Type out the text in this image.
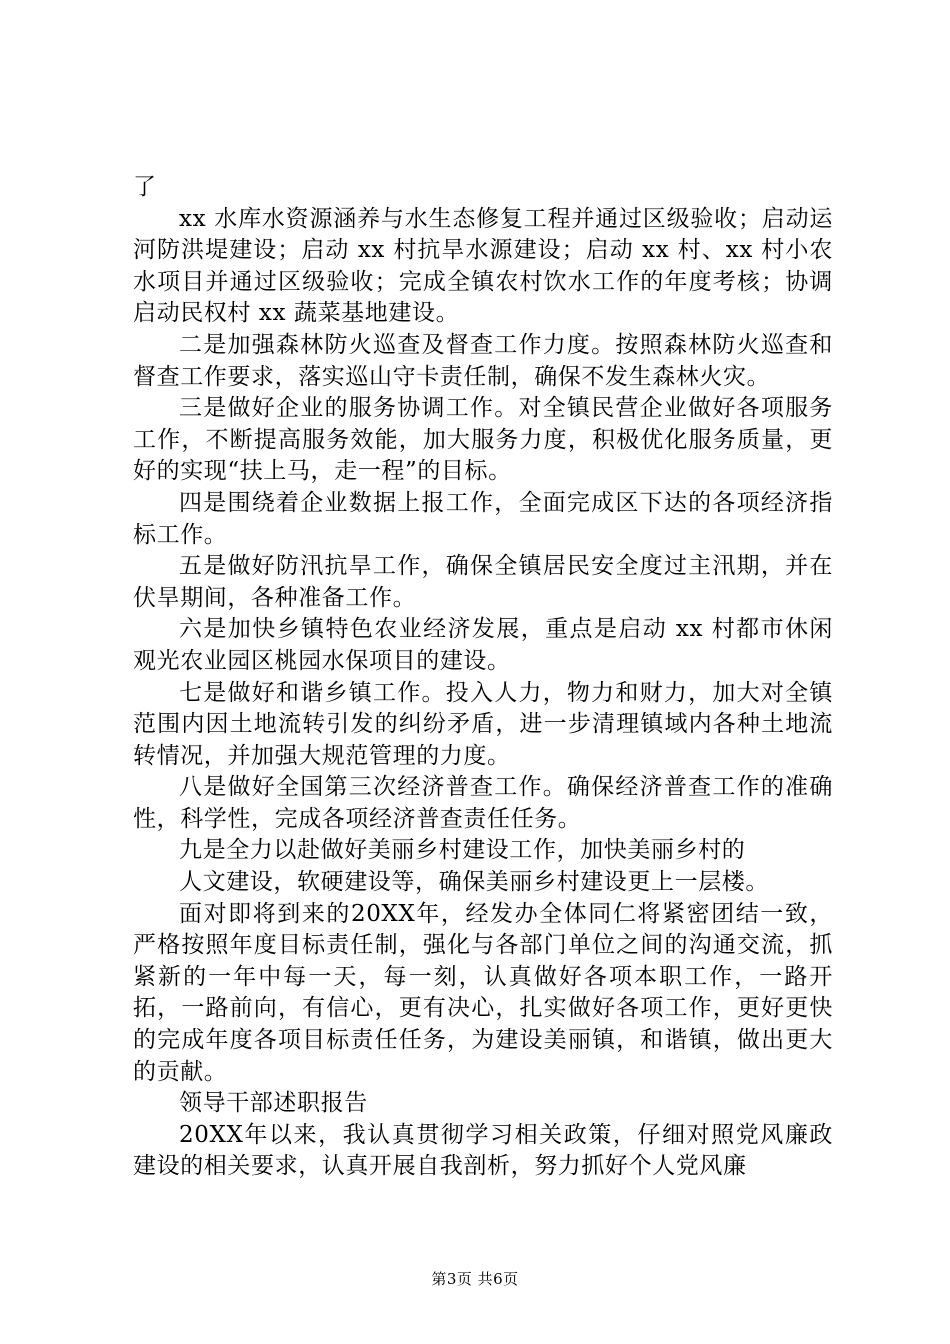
了

xx 水库水资源涵养与水生态修复工程并通过区级验收；启动运河防洪堤建设；启动 xx 村抗旱水源建设；启动 xx 村、xx 村小农水项目并通过区级验收；完成全镇农村饮水工作的年度考核；协调启动民权村 xx 蔬菜基地建设。

二是加强森林防火巡查及督查工作力度。按照森林防火巡查和督查工作要求，落实巡山守卡责任制，确保不发生森林火灾。

三是做好企业的服务协调工作。对全镇民营企业做好各项服务工作，不断提高服务效能，加大服务力度，积极优化服务质量，更好的实现“扶上马，走一程”的目标。

四是围绕着企业数据上报工作，全面完成区下达的各项经济指标工作。

五是做好防汛抗旱工作，确保全镇居民安全度过主汛期，并在伏旱期间，各种准备工作。

六是加快乡镇特色农业经济发展，重点是启动 xx 村都市休闲观光农业园区桃园水保项目的建设。

七是做好和谐乡镇工作。投入人力，物力和财力，加大对全镇范围内因土地流转引发的纠纷矛盾，进一步清理镇域内各种土地流转情况，并加强大规范管理的力度。

八是做好全国第三次经济普查工作。确保经济普查工作的准确性，科学性，完成各项经济普查责任任务。

九是全力以赴做好美丽乡村建设工作，加快美丽乡村的

人文建设，软硬建设等，确保美丽乡村建设更上一层楼。

面对即将到来的20XX年，经发办全体同仁将紧密团结一致，严格按照年度目标责任制，强化与各部门单位之间的沟通交流，抓紧新的一年中每一天，每一刻，认真做好各项本职工作，一路开拓，一路前向，有信心，更有决心，扎实做好各项工作，更好更快的完成年度各项目标责任任务，为建设美丽镇，和谐镇，做出更大的贡献。

领导干部述职报告

20XX年以来，我认真贯彻学习相关政策，仔细对照党风廉政建设的相关要求，认真开展自我剖析，努力抓好个人党风廉

第3页 共6页
